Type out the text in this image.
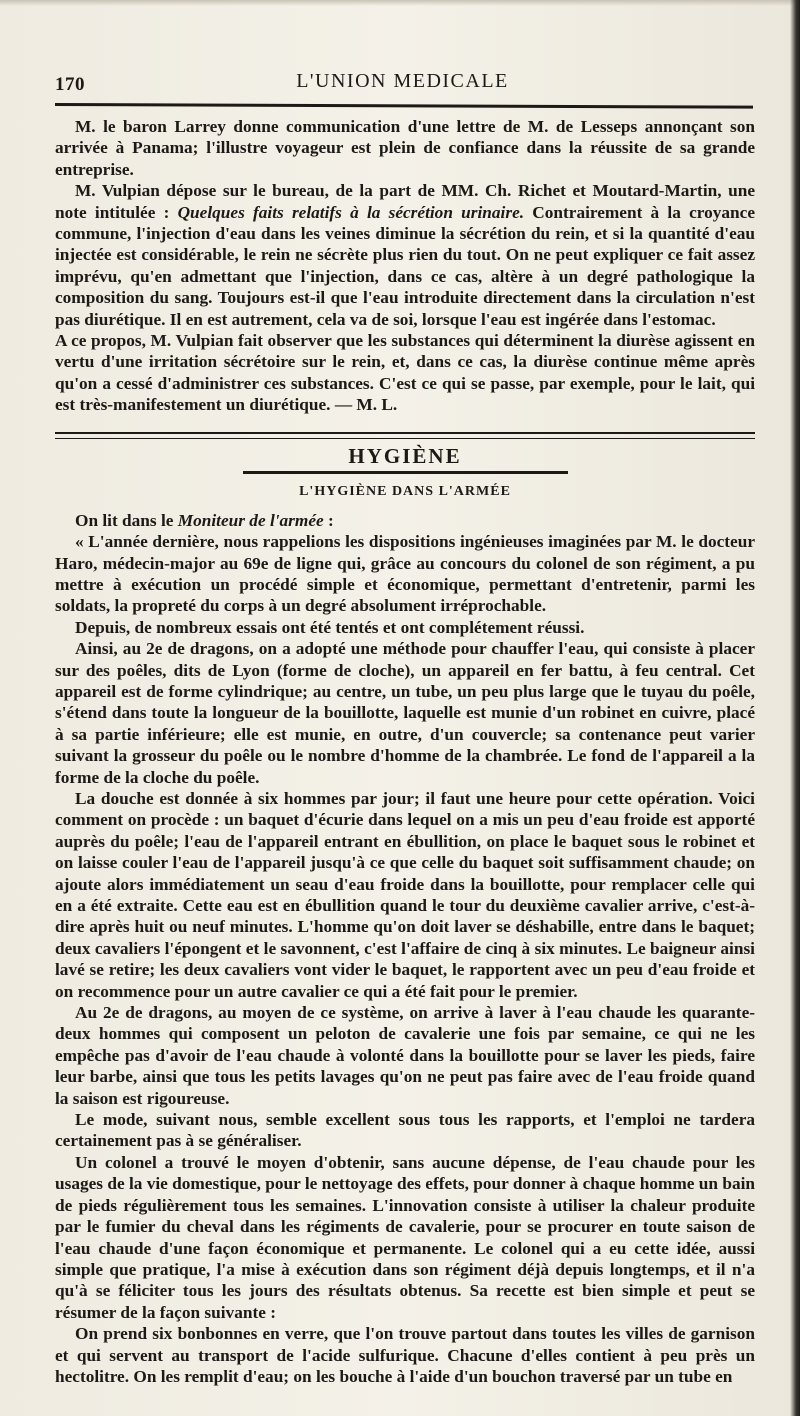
170	L'UNION MEDICALE

M. le baron Larrey donne communication d'une lettre de M. de Lesseps annonçant son arrivée à Panama; l'illustre voyageur est plein de confiance dans la réussite de sa grande entreprise.

M. Vulpian dépose sur le bureau, de la part de MM. Ch. Richet et Moutard-Martin, une note intitulée : Quelques faits relatifs à la sécrétion urinaire. Contrairement à la croyance commune, l'injection d'eau dans les veines diminue la sécrétion du rein, et si la quantité d'eau injectée est considérable, le rein ne sécrète plus rien du tout. On ne peut expliquer ce fait assez imprévu, qu'en admettant que l'injection, dans ce cas, altère à un degré pathologique la composition du sang. Toujours est-il que l'eau introduite directement dans la circulation n'est pas diurétique. Il en est autrement, cela va de soi, lorsque l'eau est ingérée dans l'estomac.

A ce propos, M. Vulpian fait observer que les substances qui déterminent la diurèse agissent en vertu d'une irritation sécrétoire sur le rein, et, dans ce cas, la diurèse continue même après qu'on a cessé d'administrer ces substances. C'est ce qui se passe, par exemple, pour le lait, qui est très-manifestement un diurétique. — M. L.

HYGIÈNE
L'HYGIÈNE DANS L'ARMÉE

On lit dans le Moniteur de l'armée :

« L'année dernière, nous rappelions les dispositions ingénieuses imaginées par M. le docteur Haro, médecin-major au 69e de ligne qui, grâce au concours du colonel de son régiment, a pu mettre à exécution un procédé simple et économique, permettant d'entretenir, parmi les soldats, la propreté du corps à un degré absolument irréprochable.

Depuis, de nombreux essais ont été tentés et ont complétement réussi.

Ainsi, au 2e de dragons, on a adopté une méthode pour chauffer l'eau, qui consiste à placer sur des poêles, dits de Lyon (forme de cloche), un appareil en fer battu, à feu central. Cet appareil est de forme cylindrique; au centre, un tube, un peu plus large que le tuyau du poêle, s'étend dans toute la longueur de la bouillotte, laquelle est munie d'un robinet en cuivre, placé à sa partie inférieure; elle est munie, en outre, d'un couvercle; sa contenance peut varier suivant la grosseur du poêle ou le nombre d'homme de la chambrée. Le fond de l'appareil a la forme de la cloche du poêle.

La douche est donnée à six hommes par jour; il faut une heure pour cette opération. Voici comment on procède : un baquet d'écurie dans lequel on a mis un peu d'eau froide est apporté auprès du poêle; l'eau de l'appareil entrant en ébullition, on place le baquet sous le robinet et on laisse couler l'eau de l'appareil jusqu'à ce que celle du baquet soit suffisamment chaude; on ajoute alors immédiatement un seau d'eau froide dans la bouillotte, pour remplacer celle qui en a été extraite. Cette eau est en ébullition quand le tour du deuxième cavalier arrive, c'est-à-dire après huit ou neuf minutes. L'homme qu'on doit laver se déshabille, entre dans le baquet; deux cavaliers l'épongent et le savonnent, c'est l'affaire de cinq à six minutes. Le baigneur ainsi lavé se retire; les deux cavaliers vont vider le baquet, le rapportent avec un peu d'eau froide et on recommence pour un autre cavalier ce qui a été fait pour le premier.

Au 2e de dragons, au moyen de ce système, on arrive à laver à l'eau chaude les quarante-deux hommes qui composent un peloton de cavalerie une fois par semaine, ce qui ne les empêche pas d'avoir de l'eau chaude à volonté dans la bouillotte pour se laver les pieds, faire leur barbe, ainsi que tous les petits lavages qu'on ne peut pas faire avec de l'eau froide quand la saison est rigoureuse.

Le mode, suivant nous, semble excellent sous tous les rapports, et l'emploi ne tardera certainement pas à se généraliser.

Un colonel a trouvé le moyen d'obtenir, sans aucune dépense, de l'eau chaude pour les usages de la vie domestique, pour le nettoyage des effets, pour donner à chaque homme un bain de pieds régulièrement tous les semaines. L'innovation consiste à utiliser la chaleur produite par le fumier du cheval dans les régiments de cavalerie, pour se procurer en toute saison de l'eau chaude d'une façon économique et permanente. Le colonel qui a eu cette idée, aussi simple que pratique, l'a mise à exécution dans son régiment déjà depuis longtemps, et il n'a qu'à se féliciter tous les jours des résultats obtenus. Sa recette est bien simple et peut se résumer de la façon suivante :

On prend six bonbonnes en verre, que l'on trouve partout dans toutes les villes de garnison et qui servent au transport de l'acide sulfurique. Chacune d'elles contient à peu près un hectolitre. On les remplit d'eau; on les bouche à l'aide d'un bouchon traversé par un tube en
